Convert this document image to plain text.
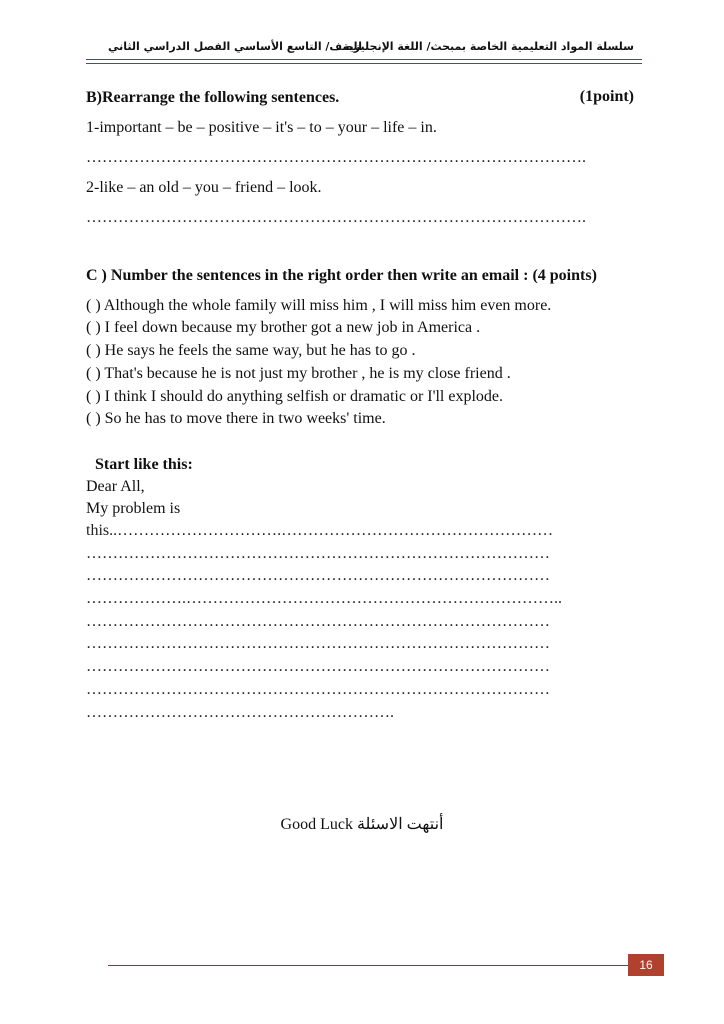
للصف/ التاسع الأساسي الفصل الدراسي الثاني
سلسلة المواد التعليمية الخاصة بمبحث/ اللغة الإنجليزية
B)Rearrange the following sentences.	(1point)
1-important – be – positive – it's – to – your – life – in.
………………………………………………………………………………….
2-like – an old – you – friend – look.
………………………………………………………………………………….
C ) Number the sentences in the right order then write an email : (4 points)
( ) Although the whole family will miss him , I will miss him even more.
( ) I feel down because my brother got a new job in America .
( ) He says he feels the same way, but he has to go .
( ) That's because he is not just my brother , he is my close friend .
( ) I think I should do anything selfish or dramatic or I'll explode.
( ) So he has to move there in two weeks' time.
Start like this:
Dear All,
My problem is
this..………………………….……………………………………………
……………………………………………………………………………
……………………………………………………………………………
……………….……………………………………………………………..
……………………………………………………………………………
……………………………………………………………………………
……………………………………………………………………………
……………………………………………………………………………
………………………………………………….
Good Luck أنتهت الاسئلة
16
